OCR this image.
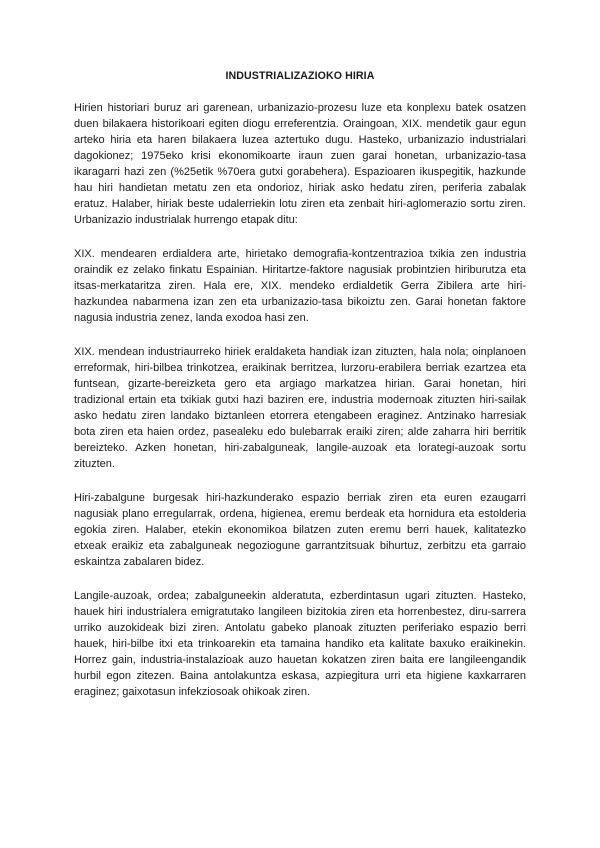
INDUSTRIALIZAZIOKO HIRIA

Hirien historiari buruz ari garenean, urbanizazio-prozesu luze eta konplexu batek osatzen duen bilakaera historikoari egiten diogu erreferentzia. Oraingoan, XIX. mendetik gaur egun arteko hiria eta haren bilakaera luzea aztertuko dugu. Hasteko, urbanizazio industrialari dagokionez; 1975eko krisi ekonomikoarte iraun zuen garai honetan, urbanizazio-tasa ikaragarri hazi zen (%25etik %70era gutxi gorabehera). Espazioaren ikuspegitik, hazkunde hau hiri handietan metatu zen eta ondorioz, hiriak asko hedatu ziren, periferia zabalak eratuz. Halaber, hiriak beste udalerriekin lotu ziren eta zenbait hiri-aglomerazio sortu ziren. Urbanizazio industrialak hurrengo etapak ditu:

XIX. mendearen erdialdera arte, hirietako demografia-kontzentrazioa txikia zen industria oraindik ez zelako finkatu Espainian. Hiritartze-faktore nagusiak probintzien hiriburutza eta itsas-merkataritza ziren. Hala ere, XIX. mendeko erdialdetik Gerra Zibilera arte hiri-hazkundea nabarmena izan zen eta urbanizazio-tasa bikoiztu zen. Garai honetan faktore nagusia industria zenez, landa exodoa hasi zen.

XIX. mendean industriaurreko hiriek eraldaketa handiak izan zituzten, hala nola; oinplanoen erreformak, hiri-bilbea trinkotzea, eraikinak berritzea, lurzoru-erabilera berriak ezartzea eta funtsean, gizarte-bereizketa gero eta argiago markatzea hirian. Garai honetan, hiri tradizional ertain eta txikiak gutxi hazi baziren ere, industria modernoak zituzten hiri-sailak asko hedatu ziren landako biztanleen etorrera etengabeen eraginez. Antzinako harresiak bota ziren eta haien ordez, pasealeku edo bulebarrak eraiki ziren; alde zaharra hiri berritik bereizteko. Azken honetan, hiri-zabalguneak, langile-auzoak eta lorategi-auzoak sortu zituzten.

Hiri-zabalgune burgesak hiri-hazkunderako espazio berriak ziren eta euren ezaugarri nagusiak plano erregularrak, ordena, higienea, eremu berdeak eta hornidura eta estolderia egokia ziren. Halaber, etekin ekonomikoa bilatzen zuten eremu berri hauek, kalitatezko etxeak eraikiz eta zabalguneak negoziogune garrantzitsuak bihurtuz, zerbitzu eta garraio eskaintza zabalaren bidez.

Langile-auzoak, ordea; zabalguneekin alderatuta, ezberdintasun ugari zituzten. Hasteko, hauek hiri industrialera emigratutako langileen bizitokia ziren eta horrenbestez, diru-sarrera urriko auzokideak bizi ziren. Antolatu gabeko planoak zituzten periferiako espazio berri hauek, hiri-bilbe itxi eta trinkoarekin eta tamaina handiko eta kalitate baxuko eraikinekin. Horrez gain, industria-instalazioak auzo hauetan kokatzen ziren baita ere langileengandik hurbil egon zitezen. Baina antolakuntza eskasa, azpiegitura urri eta higiene kaxkarraren eraginez; gaixotasun infekziosoak ohikoak ziren.
